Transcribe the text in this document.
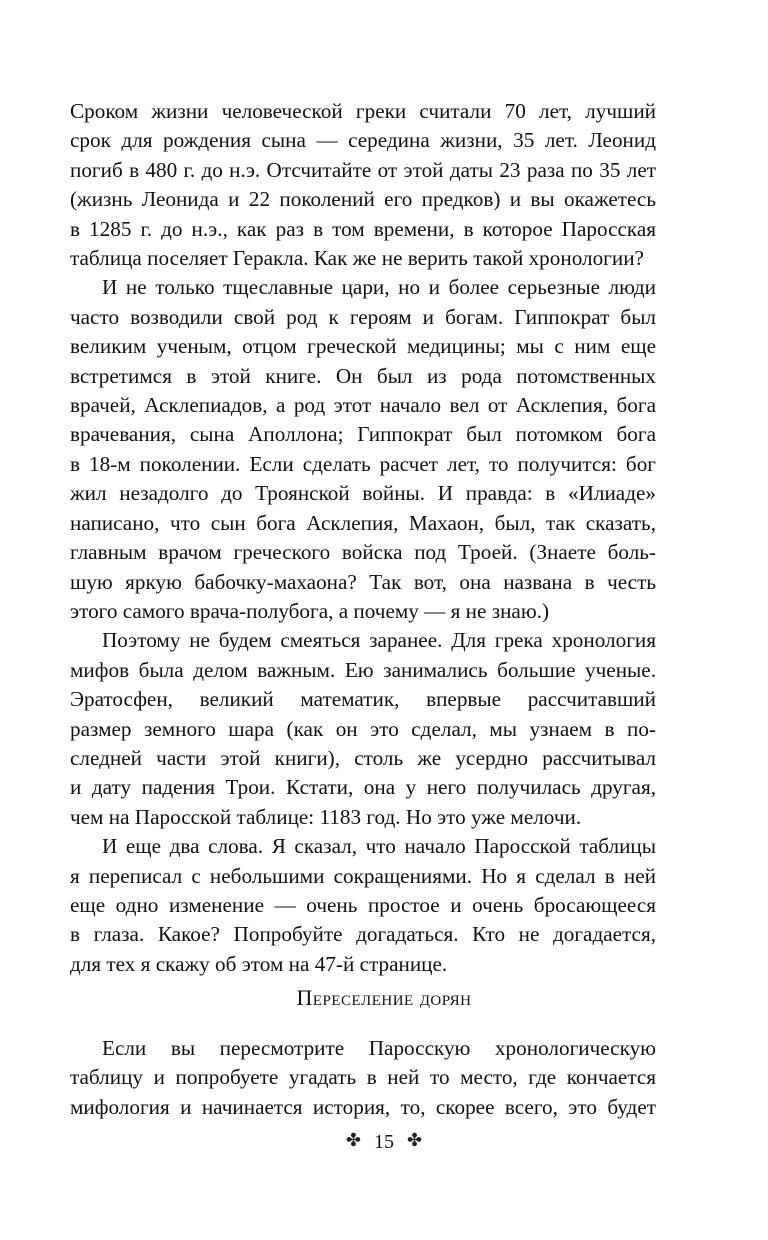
Сроком жизни человеческой греки считали 70 лет, лучший
срок для рождения сына — середина жизни, 35 лет. Леонид
погиб в 480 г. до н.э. Отсчитайте от этой даты 23 раза по 35 лет
(жизнь Леонида и 22 поколений его предков) и вы окажетесь
в 1285 г. до н.э., как раз в том времени, в которое Паросская
таблица поселяет Геракла. Как же не верить такой хронологии?
И не только тщеславные цари, но и более серьезные люди
часто возводили свой род к героям и богам. Гиппократ был
великим ученым, отцом греческой медицины; мы с ним еще
встретимся в этой книге. Он был из рода потомственных
врачей, Асклепиадов, а род этот начало вел от Асклепия, бога
врачевания, сына Аполлона; Гиппократ был потомком бога
в 18-м поколении. Если сделать расчет лет, то получится: бог
жил незадолго до Троянской войны. И правда: в «Илиаде»
написано, что сын бога Асклепия, Махаон, был, так сказать,
главным врачом греческого войска под Троей. (Знаете боль-
шую яркую бабочку-махаона? Так вот, она названа в честь
этого самого врача-полубога, а почему — я не знаю.)
Поэтому не будем смеяться заранее. Для грека хронология
мифов была делом важным. Ею занимались большие ученые.
Эратосфен, великий математик, впервые рассчитавший
размер земного шара (как он это сделал, мы узнаем в по-
следней части этой книги), столь же усердно рассчитывал
и дату падения Трои. Кстати, она у него получилась другая,
чем на Паросской таблице: 1183 год. Но это уже мелочи.
И еще два слова. Я сказал, что начало Паросской таблицы
я переписал с небольшими сокращениями. Но я сделал в ней
еще одно изменение — очень простое и очень бросающееся
в глаза. Какое? Попробуйте догадаться. Кто не догадается,
для тех я скажу об этом на 47-й странице.
Переселение дорян
Если вы пересмотрите Паросскую хронологическую
таблицу и попробуете угадать в ней то место, где кончается
мифология и начинается история, то, скорее всего, это будет
✤ 15 ✤
